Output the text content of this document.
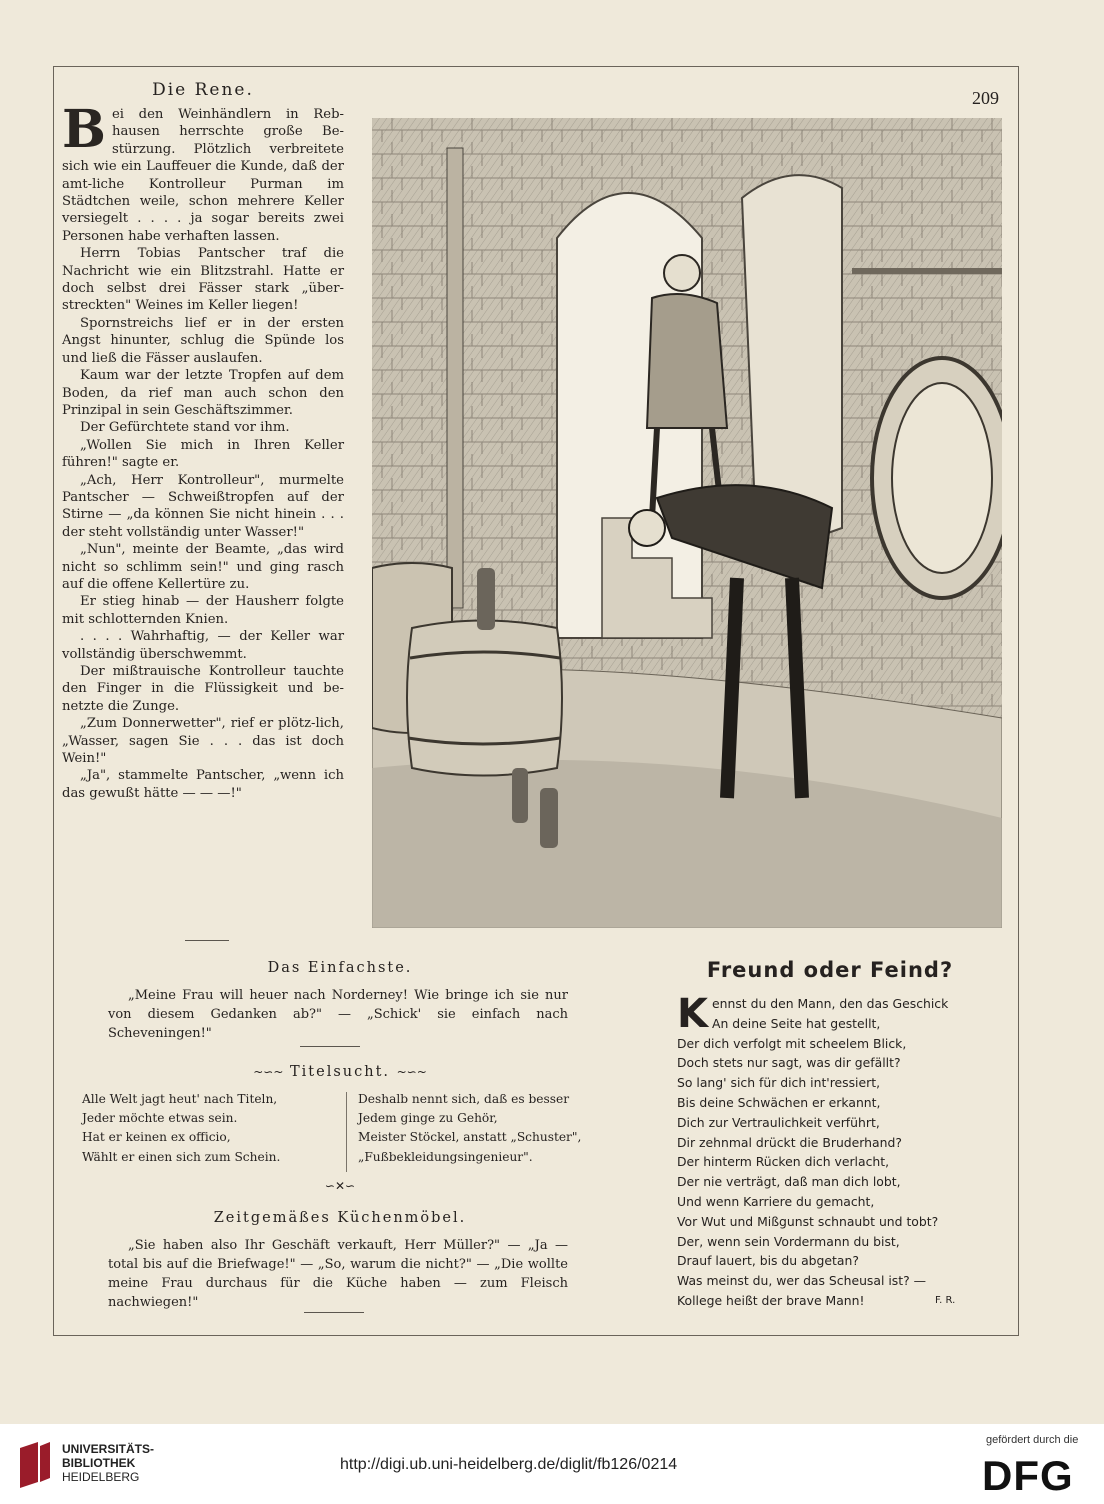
209
Die Rene.

Bei den Weinhändlern in Reb-hausen herrschte große Be-stürzung. Plötzlich verbreitete sich wie ein Lauffeuer die Kunde, daß der amt-liche Kontrolleur Purman im Städtchen weile, schon mehrere Keller versiegelt . . . . ja sogar bereits zwei Personen habe verhaften lassen.

Herrn Tobias Pantscher traf die Nachricht wie ein Blitzstrahl. Hatte er doch selbst drei Fässer stark „über-streckten" Weines im Keller liegen!

Spornstreichs lief er in der ersten Angst hinunter, schlug die Spünde los und ließ die Fässer auslaufen.

Kaum war der letzte Tropfen auf dem Boden, da rief man auch schon den Prinzipal in sein Geschäftszimmer.

Der Gefürchtete stand vor ihm.

„Wollen Sie mich in Ihren Keller führen!" sagte er.

„Ach, Herr Kontrolleur", murmelte Pantscher — Schweißtropfen auf der Stirne — „da können Sie nicht hinein . . . der steht vollständig unter Wasser!"

„Nun", meinte der Beamte, „das wird nicht so schlimm sein!" und ging rasch auf die offene Kellertüre zu.

Er stieg hinab — der Hausherr folgte mit schlotternden Knien.

. . . . Wahrhaftig, — der Keller war vollständig überschwemmt.

Der mißtrauische Kontrolleur tauchte den Finger in die Flüssigkeit und be-netzte die Zunge.

„Zum Donnerwetter", rief er plötz-lich, „Wasser, sagen Sie . . . das ist doch Wein!"

„Ja", stammelte Pantscher, „wenn ich das gewußt hätte — — —!"

Das Einfachste.

„Meine Frau will heuer nach Norderney! Wie bringe ich sie nur von diesem Gedanken ab?" — „Schick' sie einfach nach Scheveningen!"

~∽~ Titelsucht. ~∽~
Alle Welt jagt heut' nach Titeln,
Jeder möchte etwas sein.
Hat er keinen ex officio,
Wählt er einen sich zum Schein.
Deshalb nennt sich, daß es besser
Jedem ginge zu Gehör,
Meister Stöckel, anstatt „Schuster",
„Fußbekleidungsingenieur".
∽✕∽
Zeitgemäßes Küchenmöbel.

„Sie haben also Ihr Geschäft verkauft, Herr Müller?" — „Ja — total bis auf die Briefwage!" — „So, warum die nicht?" — „Die wollte meine Frau durchaus für die Küche haben — zum Fleisch nachwiegen!"

Freund oder Feind?
Kennst du den Mann, den das Geschick
An deine Seite hat gestellt,
Der dich verfolgt mit scheelem Blick,
Doch stets nur sagt, was dir gefällt?
So lang' sich für dich int'ressiert,
Bis deine Schwächen er erkannt,
Dich zur Vertraulichkeit verführt,
Dir zehnmal drückt die Bruderhand?
Der hinterm Rücken dich verlacht,
Der nie verträgt, daß man dich lobt,
Und wenn Karriere du gemacht,
Vor Wut und Mißgunst schnaubt und tobt?
Der, wenn sein Vordermann du bist,
Drauf lauert, bis du abgetan?
Was meinst du, wer das Scheusal ist? —
Kollege heißt der brave Mann!	F. R.
UNIVERSITÄTS-
BIBLIOTHEK
HEIDELBERG
http://digi.ub.uni-heidelberg.de/diglit/fb126/0214
gefördert durch die
DFG
